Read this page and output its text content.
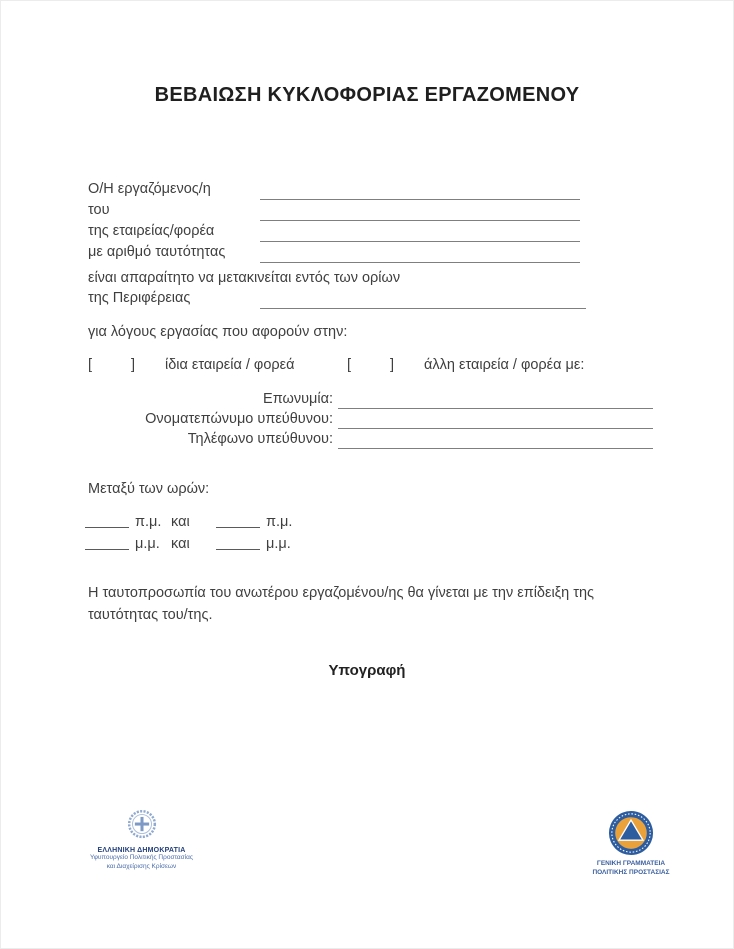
ΒΕΒΑΙΩΣΗ ΚΥΚΛΟΦΟΡΙΑΣ ΕΡΓΑΖΟΜΕΝΟΥ
Ο/Η εργαζόμενος/η
του
της εταιρείας/φορέα
με αριθμό ταυτότητας
είναι απαραίτητο να μετακινείται εντός των ορίων
της Περιφέρειας
για λόγους εργασίας που αφορούν στην:
[	] ίδια εταιρεία / φορεά	[	] άλλη εταιρεία / φορέα με:
Επωνυμία:
Ονοματεπώνυμο υπεύθυνου:
Τηλέφωνο υπεύθυνου:
Μεταξύ των ωρών:
π.μ. και	π.μ.
μ.μ. και	μ.μ.
Η ταυτοπροσωπία του ανωτέρου εργαζομένου/ης θα γίνεται με την επίδειξη της ταυτότητας του/της.
Υπογραφή
ΕΛΛΗΝΙΚΗ ΔΗΜΟΚΡΑΤΙΑ
Υφυπουργείο Πολιτικής Προστασίας
και Διαχείρισης Κρίσεων	ΓΕΝΙΚΗ ΓΡΑΜΜΑΤΕΙΑ
ΠΟΛΙΤΙΚΗΣ ΠΡΟΣΤΑΣΙΑΣ
